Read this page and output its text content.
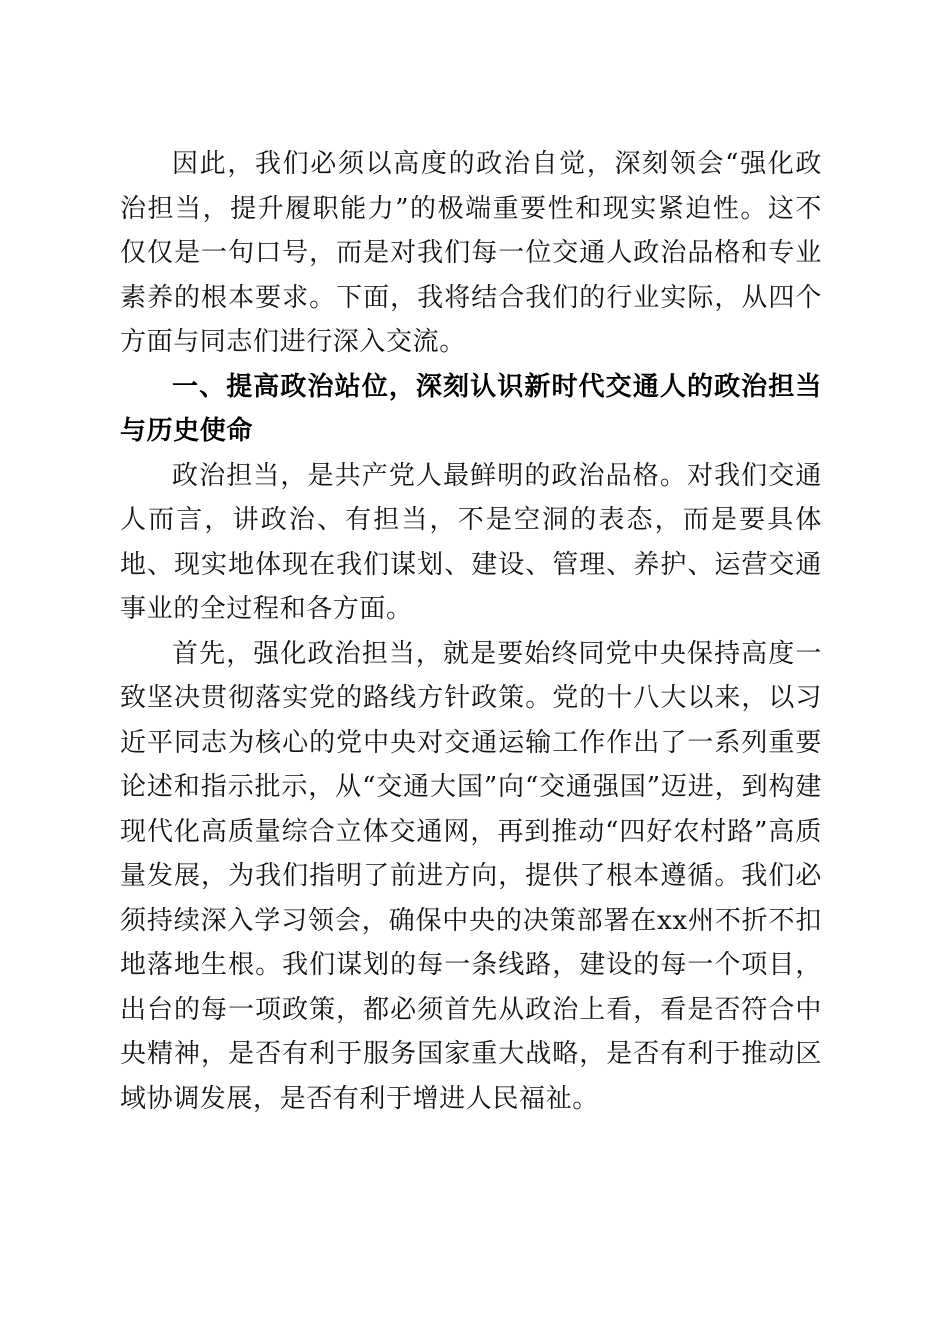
因此，我们必须以高度的政治自觉，深刻领会“强化政治担当，提升履职能力”的极端重要性和现实紧迫性。这不仅仅是一句口号，而是对我们每一位交通人政治品格和专业素养的根本要求。下面，我将结合我们的行业实际，从四个方面与同志们进行深入交流。

一、提高政治站位，深刻认识新时代交通人的政治担当与历史使命

政治担当，是共产党人最鲜明的政治品格。对我们交通人而言，讲政治、有担当，不是空洞的表态，而是要具体地、现实地体现在我们谋划、建设、管理、养护、运营交通事业的全过程和各方面。

首先，强化政治担当，就是要始终同党中央保持高度一致坚决贯彻落实党的路线方针政策。党的十八大以来，以习近平同志为核心的党中央对交通运输工作作出了一系列重要论述和指示批示，从“交通大国”向“交通强国”迈进，到构建现代化高质量综合立体交通网，再到推动“四好农村路”高质量发展，为我们指明了前进方向，提供了根本遵循。我们必须持续深入学习领会，确保中央的决策部署在xx州不折不扣地落地生根。我们谋划的每一条线路，建设的每一个项目，出台的每一项政策，都必须首先从政治上看，看是否符合中央精神，是否有利于服务国家重大战略，是否有利于推动区域协调发展，是否有利于增进人民福祉。
